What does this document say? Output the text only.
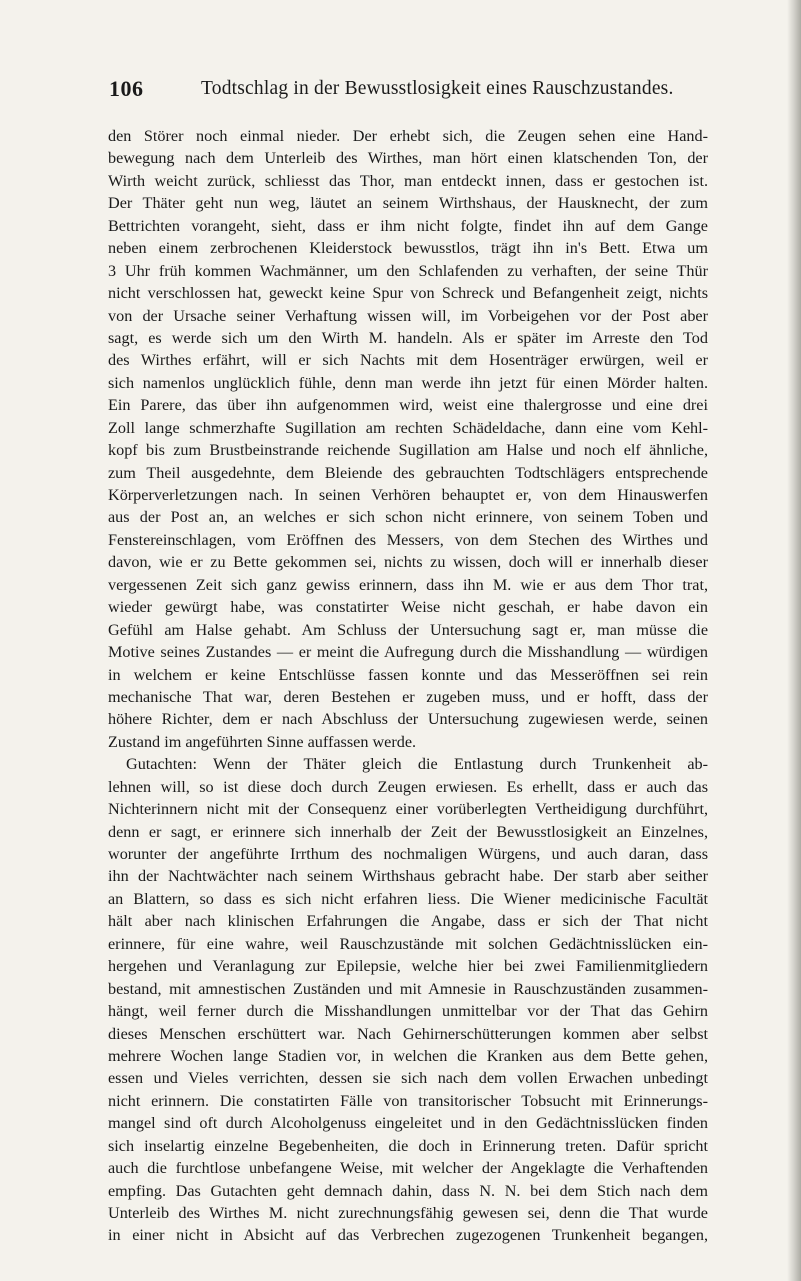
106	Todtschlag in der Bewusstlosigkeit eines Rauschzustandes.
den Störer noch einmal nieder. Der erhebt sich, die Zeugen sehen eine Hand-
bewegung nach dem Unterleib des Wirthes, man hört einen klatschenden Ton, der
Wirth weicht zurück, schliesst das Thor, man entdeckt innen, dass er gestochen ist.
Der Thäter geht nun weg, läutet an seinem Wirthshaus, der Hausknecht, der zum
Bettrichten vorangeht, sieht, dass er ihm nicht folgte, findet ihn auf dem Gange
neben einem zerbrochenen Kleiderstock bewusstlos, trägt ihn in's Bett. Etwa um
3 Uhr früh kommen Wachmänner, um den Schlafenden zu verhaften, der seine Thür
nicht verschlossen hat, geweckt keine Spur von Schreck und Befangenheit zeigt, nichts
von der Ursache seiner Verhaftung wissen will, im Vorbeigehen vor der Post aber
sagt, es werde sich um den Wirth M. handeln. Als er später im Arreste den Tod
des Wirthes erfährt, will er sich Nachts mit dem Hosenträger erwürgen, weil er
sich namenlos unglücklich fühle, denn man werde ihn jetzt für einen Mörder halten.
Ein Parere, das über ihn aufgenommen wird, weist eine thalergrosse und eine drei
Zoll lange schmerzhafte Sugillation am rechten Schädeldache, dann eine vom Kehl-
kopf bis zum Brustbeinstrande reichende Sugillation am Halse und noch elf ähnliche,
zum Theil ausgedehnte, dem Bleiende des gebrauchten Todtschlägers entsprechende
Körperverletzungen nach. In seinen Verhören behauptet er, von dem Hinauswerfen
aus der Post an, an welches er sich schon nicht erinnere, von seinem Toben und
Fenstereinschlagen, vom Eröffnen des Messers, von dem Stechen des Wirthes und
davon, wie er zu Bette gekommen sei, nichts zu wissen, doch will er innerhalb dieser
vergessenen Zeit sich ganz gewiss erinnern, dass ihn M. wie er aus dem Thor trat,
wieder gewürgt habe, was constatirter Weise nicht geschah, er habe davon ein
Gefühl am Halse gehabt. Am Schluss der Untersuchung sagt er, man müsse die
Motive seines Zustandes — er meint die Aufregung durch die Misshandlung — würdigen
in welchem er keine Entschlüsse fassen konnte und das Messeröffnen sei rein
mechanische That war, deren Bestehen er zugeben muss, und er hofft, dass der
höhere Richter, dem er nach Abschluss der Untersuchung zugewiesen werde, seinen
Zustand im angeführten Sinne auffassen werde.
Gutachten: Wenn der Thäter gleich die Entlastung durch Trunkenheit ab-
lehnen will, so ist diese doch durch Zeugen erwiesen. Es erhellt, dass er auch das
Nichterinnern nicht mit der Consequenz einer vorüberlegten Vertheidigung durchführt,
denn er sagt, er erinnere sich innerhalb der Zeit der Bewusstlosigkeit an Einzelnes,
worunter der angeführte Irrthum des nochmaligen Würgens, und auch daran, dass
ihn der Nachtwächter nach seinem Wirthshaus gebracht habe. Der starb aber seither
an Blattern, so dass es sich nicht erfahren liess. Die Wiener medicinische Facultät
hält aber nach klinischen Erfahrungen die Angabe, dass er sich der That nicht
erinnere, für eine wahre, weil Rauschzustände mit solchen Gedächtnisslücken ein-
hergehen und Veranlagung zur Epilepsie, welche hier bei zwei Familienmitgliedern
bestand, mit amnestischen Zuständen und mit Amnesie in Rauschzuständen zusammen-
hängt, weil ferner durch die Misshandlungen unmittelbar vor der That das Gehirn
dieses Menschen erschüttert war. Nach Gehirnerschütterungen kommen aber selbst
mehrere Wochen lange Stadien vor, in welchen die Kranken aus dem Bette gehen,
essen und Vieles verrichten, dessen sie sich nach dem vollen Erwachen unbedingt
nicht erinnern. Die constatirten Fälle von transitorischer Tobsucht mit Erinnerungs-
mangel sind oft durch Alcoholgenuss eingeleitet und in den Gedächtnisslücken finden
sich inselartig einzelne Begebenheiten, die doch in Erinnerung treten. Dafür spricht
auch die furchtlose unbefangene Weise, mit welcher der Angeklagte die Verhaftenden
empfing. Das Gutachten geht demnach dahin, dass N. N. bei dem Stich nach dem
Unterleib des Wirthes M. nicht zurechnungsfähig gewesen sei, denn die That wurde
in einer nicht in Absicht auf das Verbrechen zugezogenen Trunkenheit begangen,
